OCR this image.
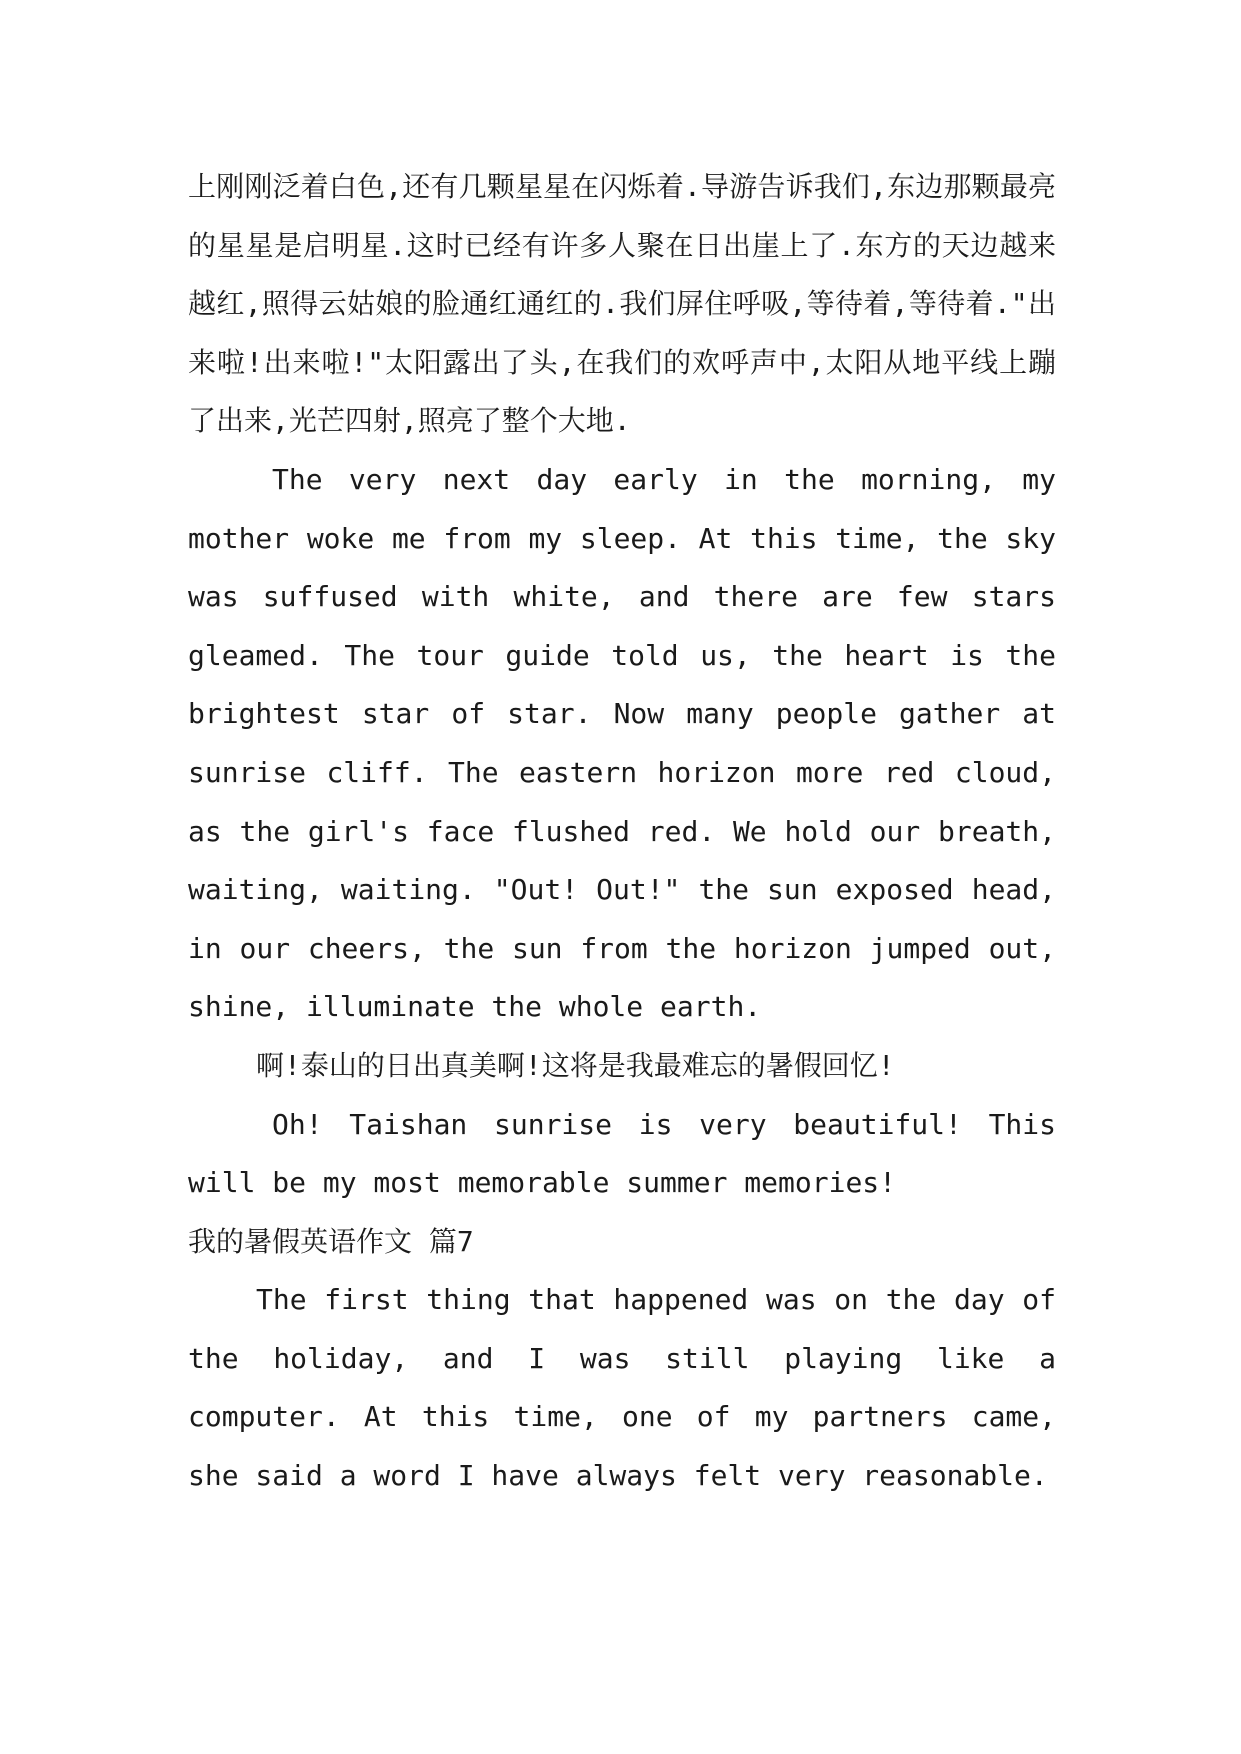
上刚刚泛着白色,还有几颗星星在闪烁着.导游告诉我们,东边那颗最亮的星星是启明星.这时已经有许多人聚在日出崖上了.东方的天边越来越红,照得云姑娘的脸通红通红的.我们屏住呼吸,等待着,等待着."出来啦!出来啦!"太阳露出了头,在我们的欢呼声中,太阳从地平线上蹦了出来,光芒四射,照亮了整个大地.

The very next day early in the morning, my mother woke me from my sleep. At this time, the sky was suffused with white, and there are few stars gleamed. The tour guide told us, the heart is the brightest star of star. Now many people gather at sunrise cliff. The eastern horizon more red cloud, as the girl's face flushed red. We hold our breath, waiting, waiting. "Out! Out!" the sun exposed head, in our cheers, the sun from the horizon jumped out, shine, illuminate the whole earth.

啊!泰山的日出真美啊!这将是我最难忘的暑假回忆!

Oh! Taishan sunrise is very beautiful! This will be my most memorable summer memories!

我的暑假英语作文 篇7

The first thing that happened was on the day of the holiday, and I was still playing like a computer. At this time, one of my partners came, she said a word I have always felt very reasonable.
